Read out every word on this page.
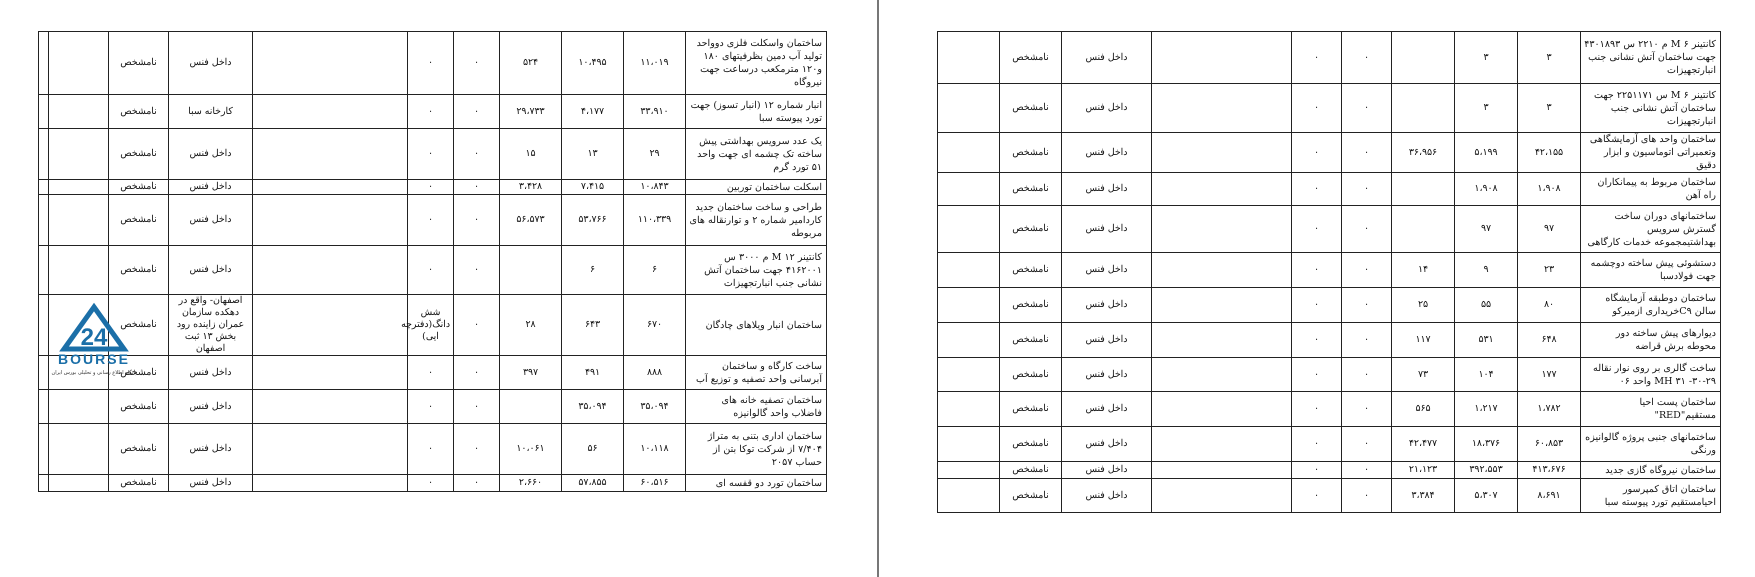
ساختمان واسکلت فلزی دوواحد تولید آب دمین بظرفیتهای ۱۸۰ و۱۲۰ مترمکعب درساعت جهت نیروگاه	۱۱،۰۱۹	۱۰،۴۹۵	۵۲۴	۰	۰		داخل فنس	نامشخص		
انبار شماره ۱۲ (انبار تسوز) جهت تورد پیوسته سبا	۳۳،۹۱۰	۴،۱۷۷	۲۹،۷۳۳	۰	۰		کارخانه سبا	نامشخص		
یک عدد سرویس بهداشتی پیش ساخته تک چشمه ای جهت واحد ۵۱ تورد گرم	۲۹	۱۳	۱۵	۰	۰		داخل فنس	نامشخص		
اسکلت ساختمان توربین	۱۰،۸۴۳	۷،۴۱۵	۳،۴۲۸	۰	۰		داخل فنس	نامشخص		
طراحی و ساخت ساختمان جدید کاردامیر شماره ۲ و توارنقاله های مربوطه	۱۱۰،۳۳۹	۵۳،۷۶۶	۵۶،۵۷۳	۰	۰		داخل فنس	نامشخص		
کانتینر M ۱۲ م ۳۰۰۰ س ۴۱۶۲۰۰۱ جهت ساختمان آتش نشانی جنب انبارتجهیزات	۶	۶		۰	۰		داخل فنس	نامشخص		
ساختمان انبار ویلاهای چادگان	۶۷۰	۶۴۳	۲۸	۰	شش دانگ(دفترچه ایی)		اصفهان- واقع در دهکده سازمان عمران زاینده رود بخش ۱۳ ثبت اصفهان	نامشخص		
ساخت کارگاه و ساختمان آبرسانی واحد تصفیه و توزیع آب	۸۸۸	۴۹۱	۳۹۷	۰	۰		داخل فنس	نامشخص		
ساختمان تصفیه خانه های فاضلاب واحد گالوانیزه	۳۵،۰۹۴	۳۵،۰۹۴		۰	۰		داخل فنس	نامشخص		
ساختمان اداری بتنی به متراژ ۷/۴۰۴ از شرکت توکا بتن از حساب ۲۰۵۷	۱۰،۱۱۸	۵۶	۱۰،۰۶۱	۰	۰		داخل فنس	نامشخص		
ساختمان تورد دو قفسه ای	۶۰،۵۱۶	۵۷،۸۵۵	۲،۶۶۰	۰	۰		داخل فنس	نامشخص		
کانتینر M ۶ م ۲۲۱۰ س ۴۳۰۱۸۹۳ جهت ساختمان آتش نشانی جنب انبارتجهیزات	۳	۳		۰	۰		داخل فنس	نامشخص		
کانتینر M ۶ س ۲۲۵۱۱۷۱ جهت ساختمان آتش نشانی جنب انبارتجهیزات	۳	۳		۰	۰		داخل فنس	نامشخص		
ساختمان واحد های آزمایشگاهی وتعمیراتی اتوماسیون و ابزار دقیق	۴۲،۱۵۵	۵،۱۹۹	۳۶،۹۵۶	۰	۰		داخل فنس	نامشخص		
ساختمان مربوط به پیمانکاران راه آهن	۱،۹۰۸	۱،۹۰۸		۰	۰		داخل فنس	نامشخص		
ساختمانهای دوران ساخت گسترش سرویس بهداشتیمجموعه خدمات کارگاهی	۹۷	۹۷		۰	۰		داخل فنس	نامشخص		
دستشوئی پیش ساخته دوچشمه جهت فولادسبا	۲۳	۹	۱۴	۰	۰		داخل فنس	نامشخص		
ساختمان دوطبقه آزمایشگاه سالن C۹خریداری ازمیرکو	۸۰	۵۵	۲۵	۰	۰		داخل فنس	نامشخص		
دیوارهای پیش ساخته دور محوطه برش قراضه	۶۴۸	۵۳۱	۱۱۷	۰	۰		داخل فنس	نامشخص		
ساخت گالری بر روی نوار نقاله ۲۹-۳۰- ۳۱ MH واحد ۰۶	۱۷۷	۱۰۴	۷۳	۰	۰		داخل فنس	نامشخص		
ساختمان پست احیا مستقیم"RED"	۱،۷۸۲	۱،۲۱۷	۵۶۵	۰	۰		داخل فنس	نامشخص		
ساختمانهای جنبی پروژه گالوانیزه ورنگی	۶۰،۸۵۳	۱۸،۳۷۶	۴۲،۴۷۷	۰	۰		داخل فنس	نامشخص		
ساختمان نیروگاه گازی جدید	۴۱۳،۶۷۶	۳۹۲،۵۵۳	۲۱،۱۲۳	۰	۰		داخل فنس	نامشخص		
ساختمان اتاق کمپرسور احیامستقیم تورد پیوسته سبا	۸،۶۹۱	۵،۳۰۷	۳،۳۸۴	۰	۰		داخل فنس	نامشخص		
24
BOURSE
پایگاه اطلاع رسانی و تحلیلی بورس ایران
